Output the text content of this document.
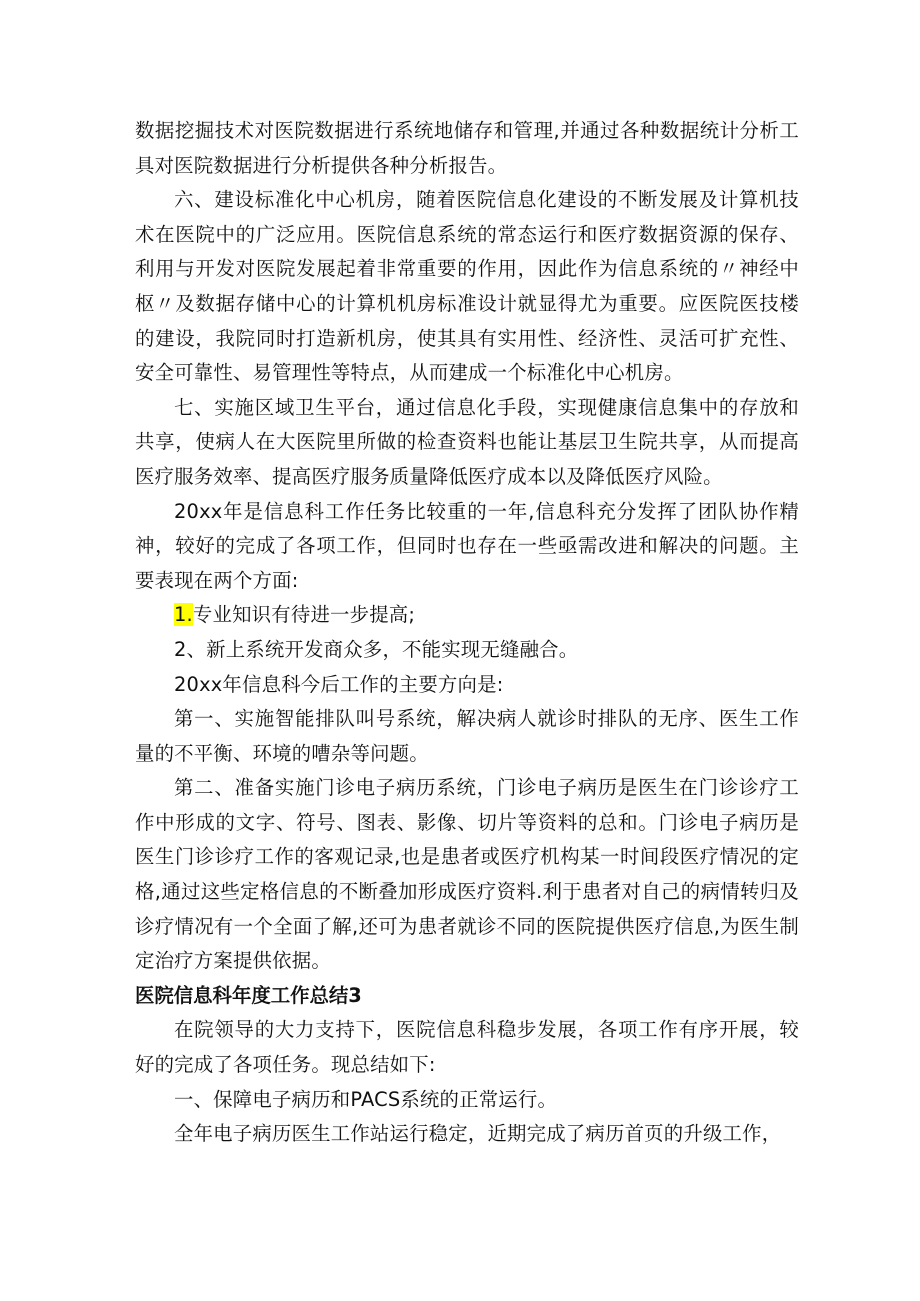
数据挖掘技术对医院数据进行系统地储存和管理,并通过各种数据统计分析工具对医院数据进行分析提供各种分析报告。

六、建设标准化中心机房，随着医院信息化建设的不断发展及计算机技术在医院中的广泛应用。医院信息系统的常态运行和医疗数据资源的保存、利用与开发对医院发展起着非常重要的作用，因此作为信息系统的〃神经中枢〃及数据存储中心的计算机机房标准设计就显得尤为重要。应医院医技楼的建设，我院同时打造新机房，使其具有实用性、经济性、灵活可扩充性、安全可靠性、易管理性等特点，从而建成一个标准化中心机房。

七、实施区域卫生平台，通过信息化手段，实现健康信息集中的存放和共享，使病人在大医院里所做的检查资料也能让基层卫生院共享，从而提高医疗服务效率、提高医疗服务质量降低医疗成本以及降低医疗风险。

20xx年是信息科工作任务比较重的一年,信息科充分发挥了团队协作精神，较好的完成了各项工作，但同时也存在一些亟需改进和解决的问题。主要表现在两个方面:

1.专业知识有待进一步提高;

2、新上系统开发商众多，不能实现无缝融合。

20xx年信息科今后工作的主要方向是:

第一、实施智能排队叫号系统，解决病人就诊时排队的无序、医生工作量的不平衡、环境的嘈杂等问题。

第二、准备实施门诊电子病历系统，门诊电子病历是医生在门诊诊疗工作中形成的文字、符号、图表、影像、切片等资料的总和。门诊电子病历是医生门诊诊疗工作的客观记录,也是患者或医疗机构某一时间段医疗情况的定格,通过这些定格信息的不断叠加形成医疗资料.利于患者对自己的病情转归及诊疗情况有一个全面了解,还可为患者就诊不同的医院提供医疗信息,为医生制定治疗方案提供依据。

医院信息科年度工作总结3

在院领导的大力支持下，医院信息科稳步发展，各项工作有序开展，较好的完成了各项任务。现总结如下:

一、保障电子病历和PACS系统的正常运行。

全年电子病历医生工作站运行稳定，近期完成了病历首页的升级工作，
